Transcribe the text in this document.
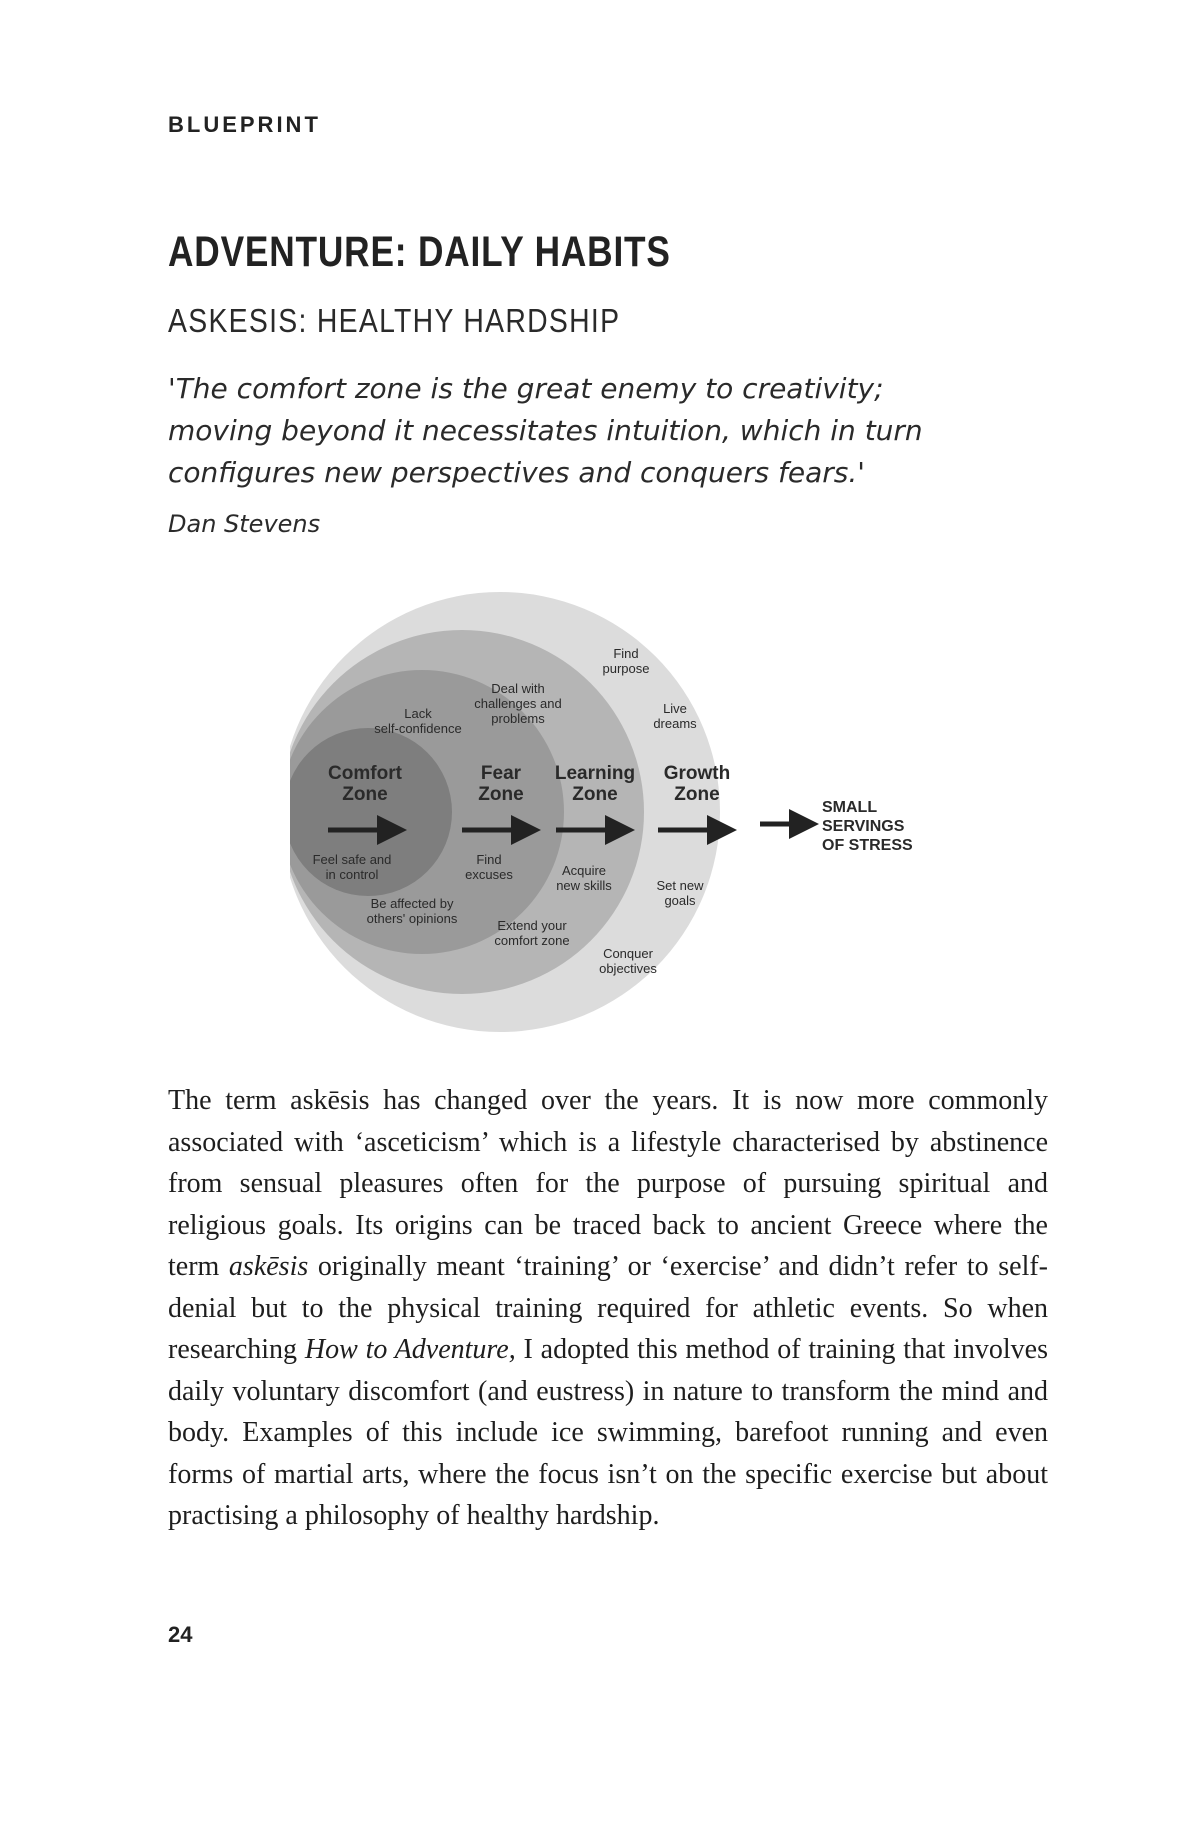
BLUEPRINT
ADVENTURE: DAILY HABITS
ASKESIS: HEALTHY HARDSHIP
'The comfort zone is the great enemy to creativity; moving beyond it necessitates intuition, which in turn configures new perspectives and conquers fears.'
Dan Stevens
Comfort Zone
Fear Zone
Learning Zone
Growth Zone
Lack self-confidence
Deal with challenges and problems
Find purpose
Live dreams
Feel safe and in control
Find excuses	Acquire new skills	Set new goals
Be affected by others' opinions	Extend your comfort zone
Conquer objectives
SMALL SERVINGS OF STRESS
The term askēsis has changed over the years. It is now more commonly associated with ‘asceticism’ which is a lifestyle characterised by abstinence from sensual pleasures often for the purpose of pursuing spiritual and religious goals. Its origins can be traced back to ancient Greece where the term askēsis originally meant ‘training’ or ‘exercise’ and didn’t refer to self-denial but to the physical training required for athletic events. So when researching How to Adventure, I adopted this method of training that involves daily voluntary discomfort (and eustress) in nature to transform the mind and body. Examples of this include ice swimming, barefoot running and even forms of martial arts, where the focus isn’t on the specific exercise but about practising a philosophy of healthy hardship.
24
